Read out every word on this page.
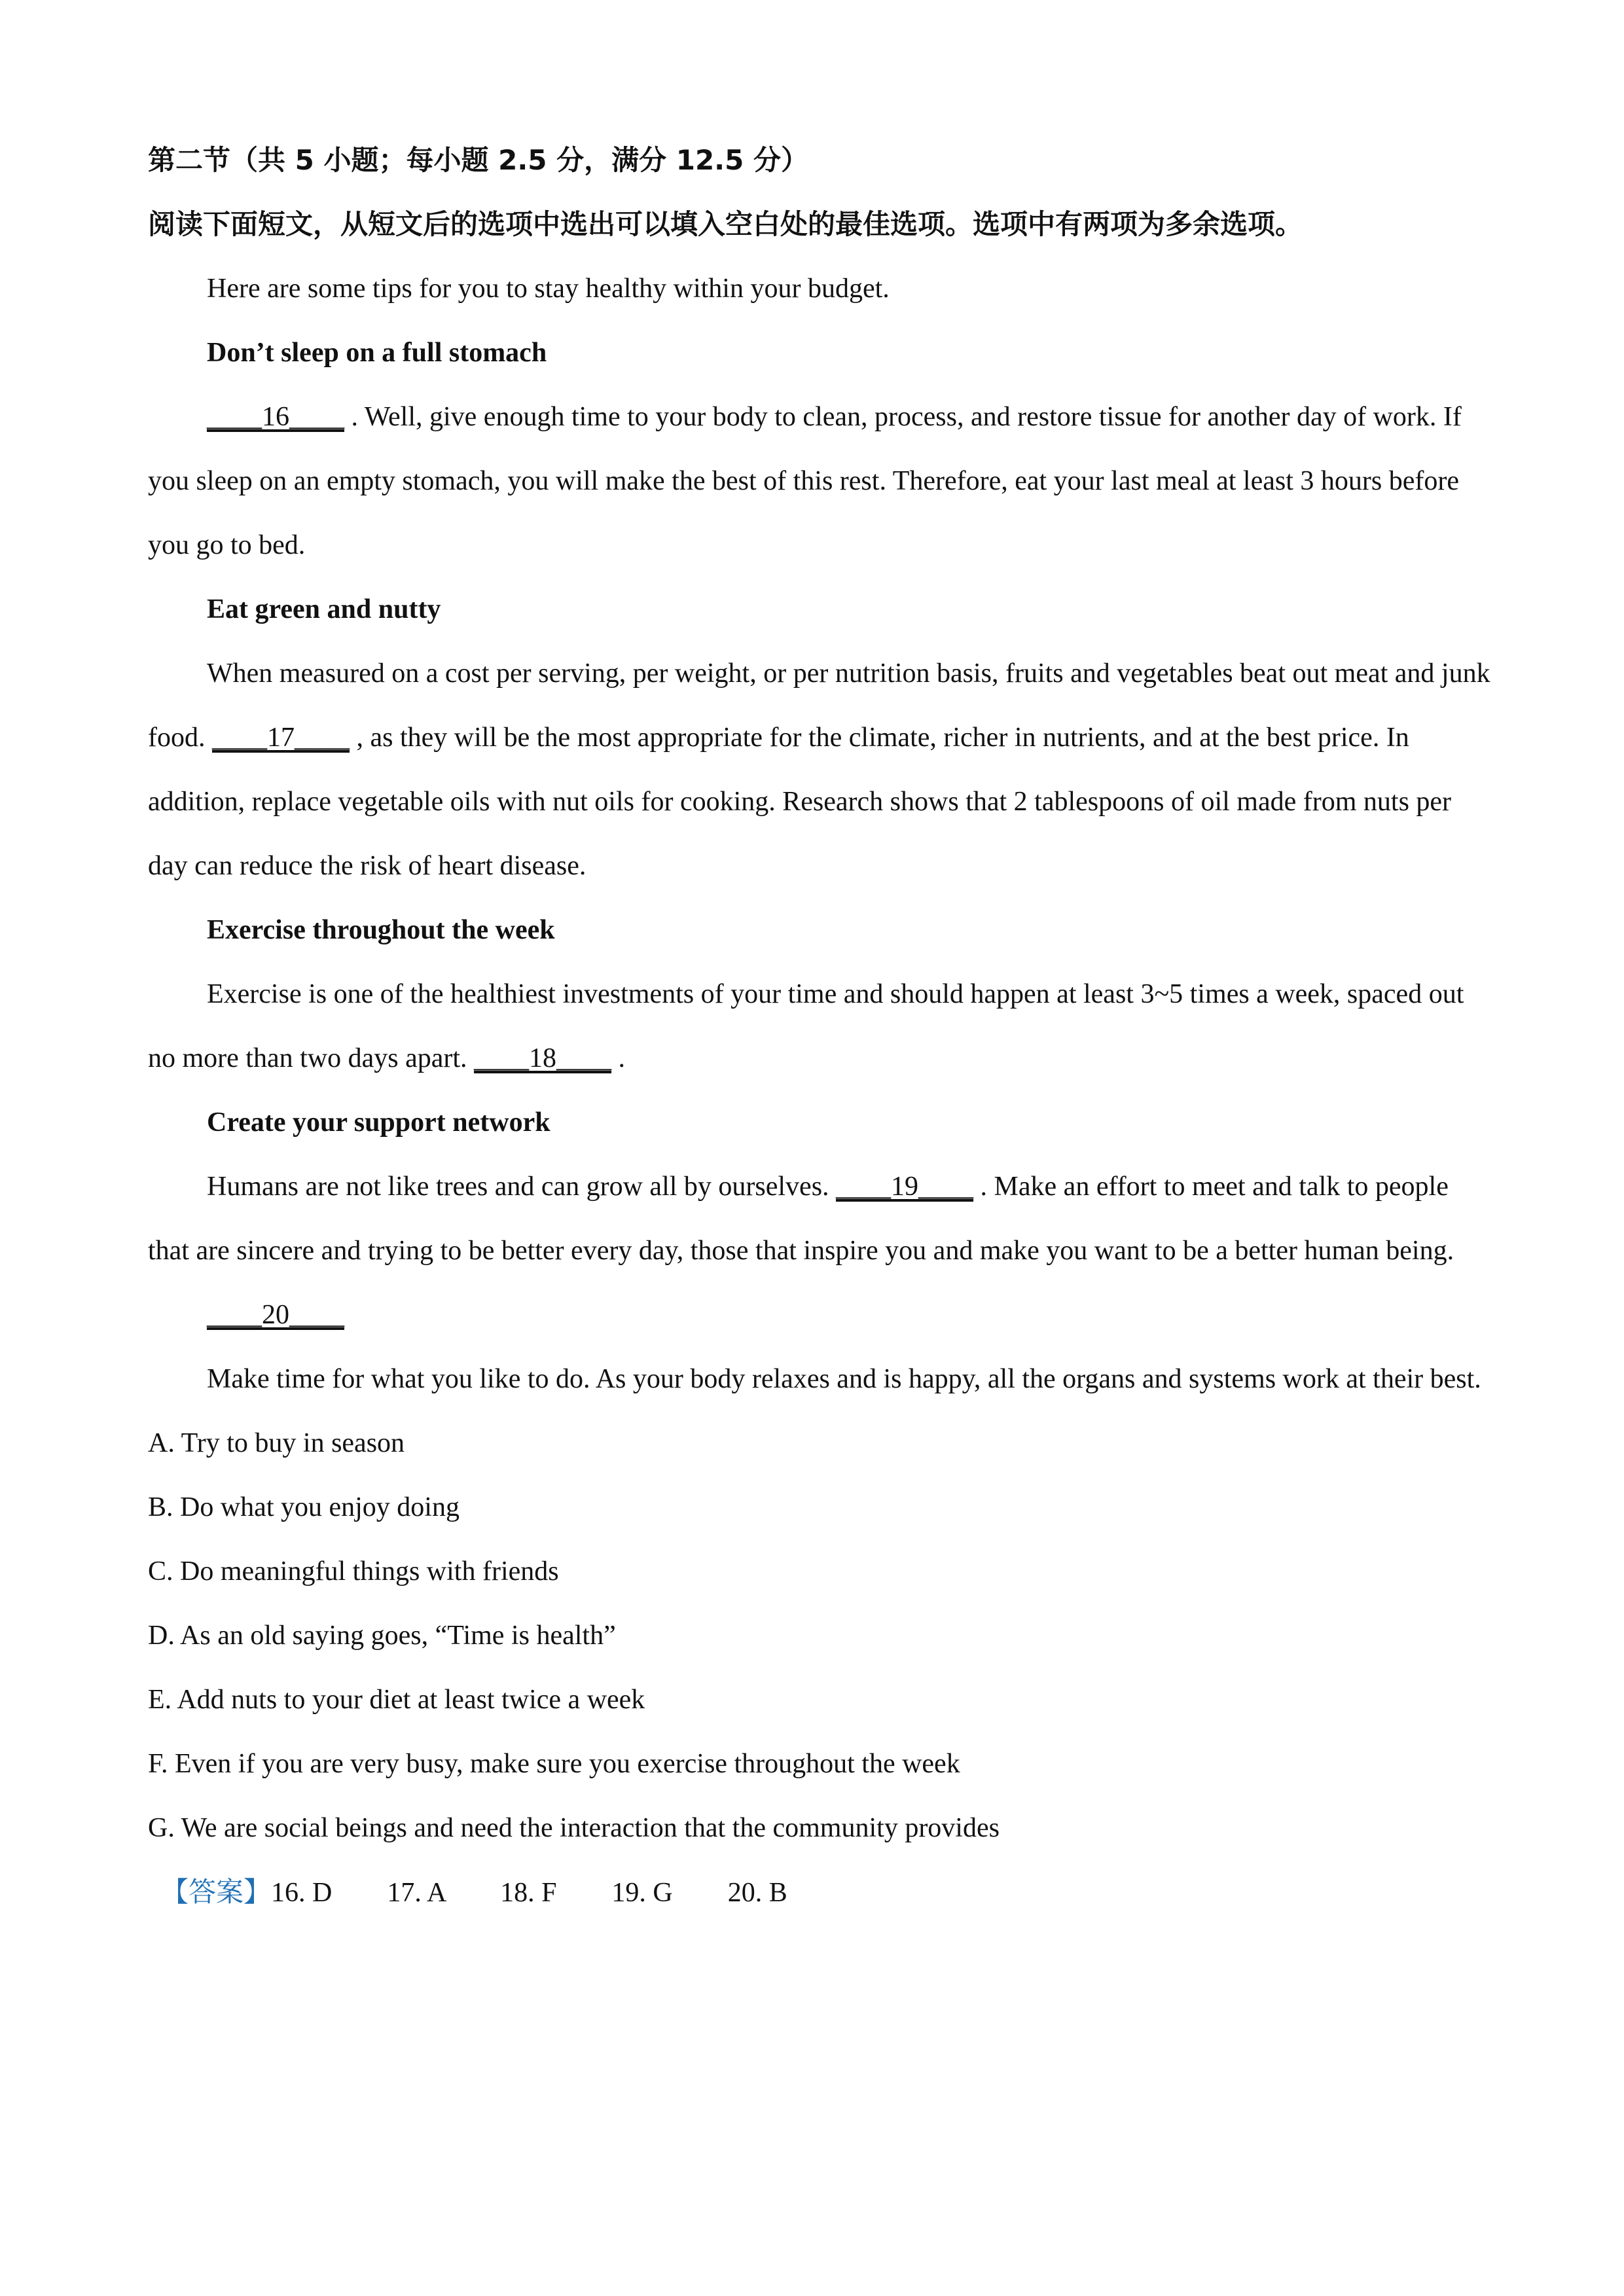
第二节（共 5 小题；每小题 2.5 分，满分 12.5 分）
阅读下面短文，从短文后的选项中选出可以填入空白处的最佳选项。选项中有两项为多余选项。
Here are some tips for you to stay healthy within your budget.
Don’t sleep on a full stomach
____16____ . Well, give enough time to your body to clean, process, and restore tissue for another day of work. If you sleep on an empty stomach, you will make the best of this rest. Therefore, eat your last meal at least 3 hours before you go to bed.
Eat green and nutty
When measured on a cost per serving, per weight, or per nutrition basis, fruits and vegetables beat out meat and junk food. ____17____ , as they will be the most appropriate for the climate, richer in nutrients, and at the best price. In addition, replace vegetable oils with nut oils for cooking. Research shows that 2 tablespoons of oil made from nuts per day can reduce the risk of heart disease.
Exercise throughout the week
Exercise is one of the healthiest investments of your time and should happen at least 3~5 times a week, spaced out no more than two days apart. ____18____ .
Create your support network
Humans are not like trees and can grow all by ourselves. ____19____ . Make an effort to meet and talk to people that are sincere and trying to be better every day, those that inspire you and make you want to be a better human being.
____20____
Make time for what you like to do. As your body relaxes and is happy, all the organs and systems work at their best.
A. Try to buy in season
B. Do what you enjoy doing
C. Do meaningful things with friends
D. As an old saying goes, “Time is health”
E. Add nuts to your diet at least twice a week
F. Even if you are very busy, make sure you exercise throughout the week
G. We are social beings and need the interaction that the community provides
【答案】16. D 17. A 18. F 19. G 20. B
